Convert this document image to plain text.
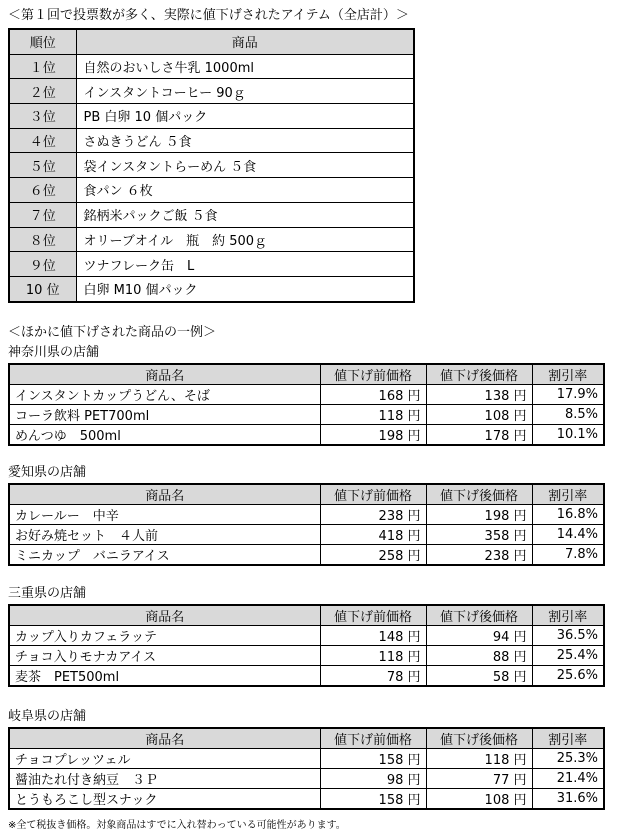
＜第１回で投票数が多く、実際に値下げされたアイテム（全店計）＞
順位	商品
１位	自然のおいしさ牛乳 1000ml
２位	インスタントコーヒー 90ｇ
３位	PB 白卵 10 個パック
４位	さぬきうどん ５食
５位	袋インスタントらーめん ５食
６位	食パン ６枚
７位	銘柄米パックご飯 ５食
８位	オリーブオイル　瓶　約 500ｇ
９位	ツナフレーク缶　L
10 位	白卵 M10 個パック
＜ほかに値下げされた商品の一例＞
神奈川県の店舗
商品名	値下げ前価格	値下げ後価格	割引率
インスタントカップうどん、そば	168 円	138 円	17.9%
コーラ飲料 PET700ml	118 円	108 円	8.5%
めんつゆ　500ml	198 円	178 円	10.1%
愛知県の店舗
商品名	値下げ前価格	値下げ後価格	割引率
カレールー　中辛	238 円	198 円	16.8%
お好み焼セット　４人前	418 円	358 円	14.4%
ミニカップ　バニラアイス	258 円	238 円	7.8%
三重県の店舗
商品名	値下げ前価格	値下げ後価格	割引率
カップ入りカフェラッテ	148 円	94 円	36.5%
チョコ入りモナカアイス	118 円	88 円	25.4%
麦茶　PET500ml	78 円	58 円	25.6%
岐阜県の店舗
商品名	値下げ前価格	値下げ後価格	割引率
チョコプレッツェル	158 円	118 円	25.3%
醤油たれ付き納豆　３Ｐ	98 円	77 円	21.4%
とうもろこし型スナック	158 円	108 円	31.6%
※全て税抜き価格。対象商品はすでに入れ替わっている可能性があります。
